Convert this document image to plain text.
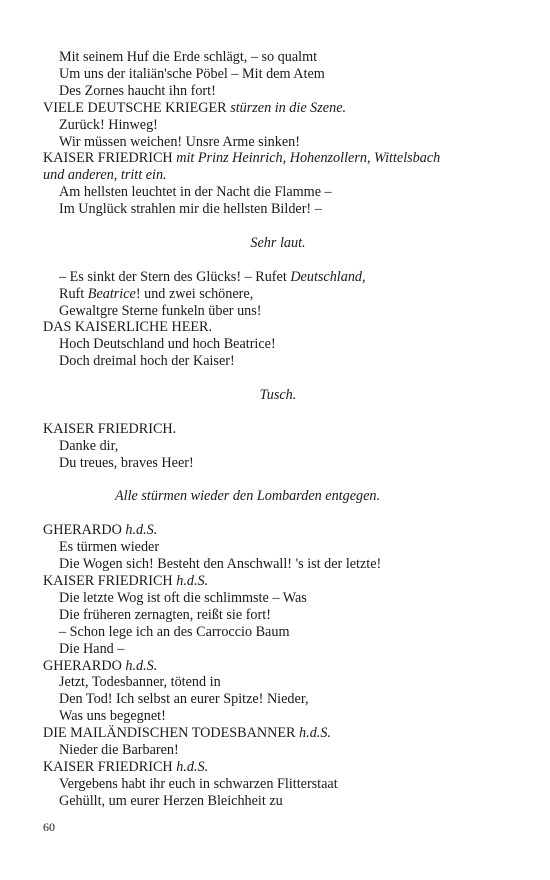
Mit seinem Huf die Erde schlägt, – so qualmt
Um uns der italiän'sche Pöbel – Mit dem Atem
Des Zornes haucht ihn fort!
VIELE DEUTSCHE KRIEGER stürzen in die Szene.
Zurück! Hinweg!
Wir müssen weichen! Unsre Arme sinken!
KAISER FRIEDRICH mit Prinz Heinrich, Hohenzollern, Wittelsbach
und anderen, tritt ein.
Am hellsten leuchtet in der Nacht die Flamme –
Im Unglück strahlen mir die hellsten Bilder! –
Sehr laut.
– Es sinkt der Stern des Glücks! – Rufet Deutschland,
Ruft Beatrice! und zwei schönere,
Gewaltgre Sterne funkeln über uns!
DAS KAISERLICHE HEER.
Hoch Deutschland und hoch Beatrice!
Doch dreimal hoch der Kaiser!
Tusch.
KAISER FRIEDRICH.
Danke dir,
Du treues, braves Heer!
Alle stürmen wieder den Lombarden entgegen.
GHERARDO h.d.S.
Es türmen wieder
Die Wogen sich! Besteht den Anschwall! 's ist der letzte!
KAISER FRIEDRICH h.d.S.
Die letzte Wog ist oft die schlimmste – Was
Die früheren zernagten, reißt sie fort!
– Schon lege ich an des Carroccio Baum
Die Hand –
GHERARDO h.d.S.
Jetzt, Todesbanner, tötend in
Den Tod! Ich selbst an eurer Spitze! Nieder,
Was uns begegnet!
DIE MAILÄNDISCHEN TODESBANNER h.d.S.
Nieder die Barbaren!
KAISER FRIEDRICH h.d.S.
Vergebens habt ihr euch in schwarzen Flitterstaat
Gehüllt, um eurer Herzen Bleichheit zu
60
